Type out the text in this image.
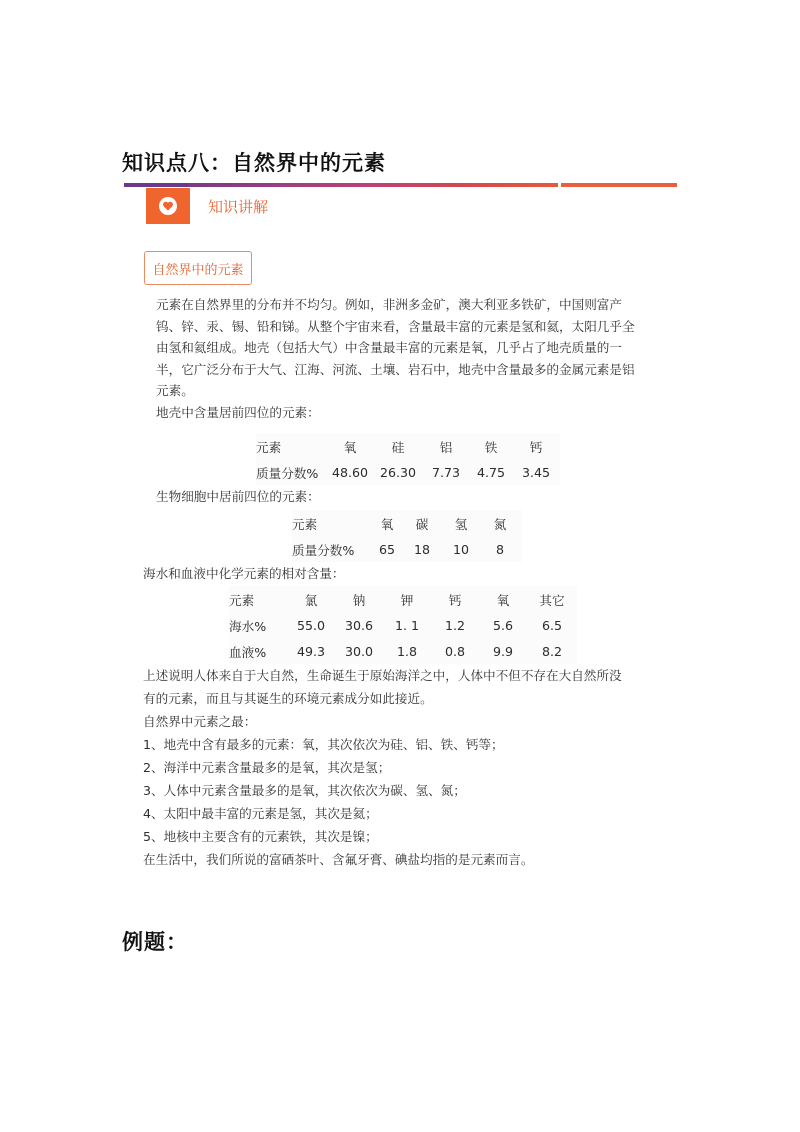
知识点八：自然界中的元素
知识讲解
自然界中的元素
元素在自然界里的分布并不均匀。例如，非洲多金矿，澳大利亚多铁矿，中国则富产
钨、锌、汞、锡、铅和锑。从整个宇宙来看，含量最丰富的元素是氢和氦，太阳几乎全
由氢和氦组成。地壳（包括大气）中含量最丰富的元素是氧，几乎占了地壳质量的一
半，它广泛分布于大气、江海、河流、土壤、岩石中，地壳中含量最多的金属元素是铝
元素。
地壳中含量居前四位的元素：
元素	氧	硅	铝	铁	钙
质量分数%	48.60	26.30	7.73	4.75	3.45
生物细胞中居前四位的元素：
元素	氧	碳	氢	氮
质量分数%	65	18	10	8
海水和血液中化学元素的相对含量：
元素	氯	钠	钾	钙	氧	其它
海水%	55.0	30.6	1. 1	1.2	5.6	6.5
血液%	49.3	30.0	1.8	0.8	9.9	8.2
上述说明人体来自于大自然，生命诞生于原始海洋之中，人体中不但不存在大自然所没
有的元素，而且与其诞生的环境元素成分如此接近。
自然界中元素之最：
1、地壳中含有最多的元素：氧，其次依次为硅、铝、铁、钙等；
2、海洋中元素含量最多的是氧，其次是氢；
3、人体中元素含量最多的是氧，其次依次为碳、氢、氮；
4、太阳中最丰富的元素是氢，其次是氦；
5、地核中主要含有的元素铁，其次是镍；
在生活中，我们所说的富硒茶叶、含氟牙膏、碘盐均指的是元素而言。
例题：
